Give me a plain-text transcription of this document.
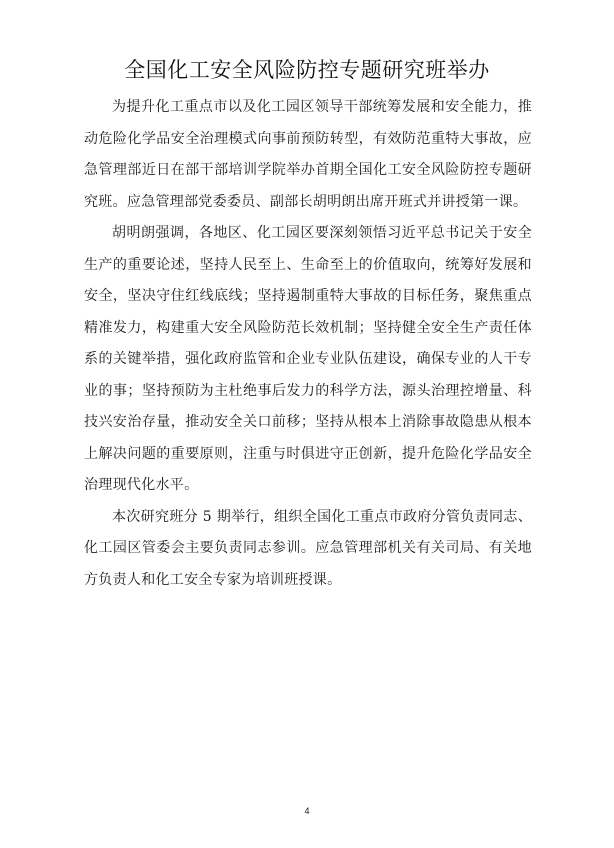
全国化工安全风险防控专题研究班举办

为提升化工重点市以及化工园区领导干部统筹发展和安全能力，推动危险化学品安全治理模式向事前预防转型，有效防范重特大事故，应急管理部近日在部干部培训学院举办首期全国化工安全风险防控专题研究班。应急管理部党委委员、副部长胡明朗出席开班式并讲授第一课。

胡明朗强调，各地区、化工园区要深刻领悟习近平总书记关于安全生产的重要论述，坚持人民至上、生命至上的价值取向，统筹好发展和安全，坚决守住红线底线；坚持遏制重特大事故的目标任务，聚焦重点精准发力，构建重大安全风险防范长效机制；坚持健全安全生产责任体系的关键举措，强化政府监管和企业专业队伍建设，确保专业的人干专业的事；坚持预防为主杜绝事后发力的科学方法，源头治理控增量、科技兴安治存量，推动安全关口前移；坚持从根本上消除事故隐患从根本上解决问题的重要原则，注重与时俱进守正创新，提升危险化学品安全治理现代化水平。

本次研究班分 5 期举行，组织全国化工重点市政府分管负责同志、化工园区管委会主要负责同志参训。应急管理部机关有关司局、有关地方负责人和化工安全专家为培训班授课。

4
